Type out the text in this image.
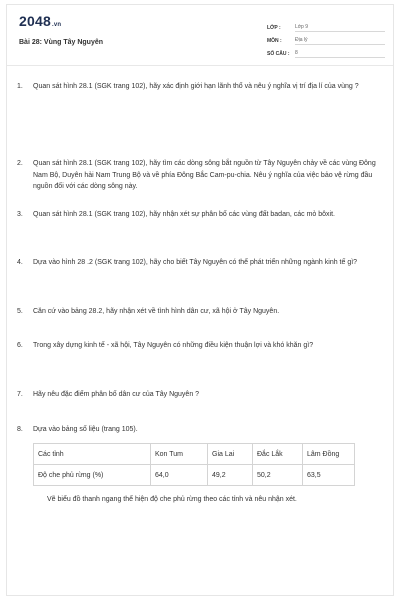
2048.vn
Bài 28: Vùng Tây Nguyên
LỚP :	Lớp 9
MÔN :	Địa lý
SỐ CÂU :	8
1.	Quan sát hình 28.1 (SGK trang 102), hãy xác định giới hạn lãnh thổ và nêu ý nghĩa vị trí địa lí của vùng ?
2.	Quan sát hình 28.1 (SGK trang 102), hãy tìm các dòng sông bắt nguồn từ Tây Nguyên chảy về các vùng Đông Nam Bộ, Duyên hải Nam Trung Bộ và về phía Đông Bắc Cam-pu-chia. Nêu ý nghĩa của việc bảo vệ rừng đầu nguồn đối với các dòng sông này.
3.	Quan sát hình 28.1 (SGK trang 102), hãy nhận xét sự phân bố các vùng đất badan, các mỏ bôxit.
4.	Dựa vào hình 28 .2 (SGK trang 102), hãy cho biết Tây Nguyên có thể phát triển những ngành kinh tế gì?
5.	Căn cứ vào bảng 28.2, hãy nhận xét về tình hình dân cư, xã hội ở Tây Nguyên.
6.	Trong xây dựng kinh tế - xã hội, Tây Nguyên có những điều kiện thuận lợi và khó khăn gì?
7.	Hãy nêu đặc điểm phân bố dân cư của Tây Nguyên ?
8.	Dựa vào bảng số liệu (trang 105).
Các tỉnh	Kon Tum	Gia Lai	Đắc Lắk	Lâm Đồng
Độ che phủ rừng (%)	64,0	49,2	50,2	63,5
Vẽ biểu đồ thanh ngang thể hiện độ che phủ rừng theo các tỉnh và nêu nhận xét.
